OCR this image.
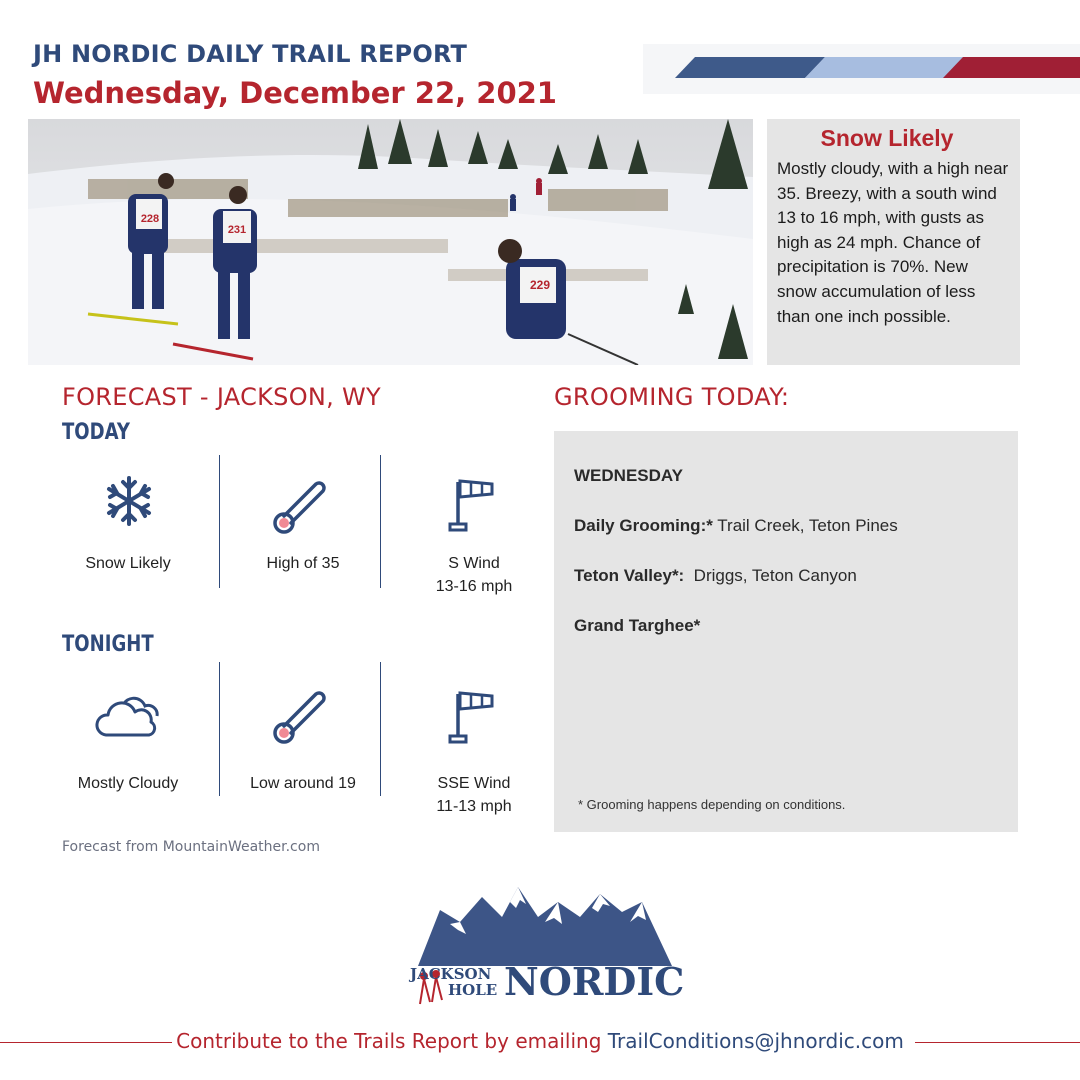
JH NORDIC DAILY TRAIL REPORT
Wednesday, December 22, 2021
228
231
229
Snow Likely
Mostly cloudy, with a high near 35. Breezy, with a south wind 13 to 16 mph, with gusts as high as 24 mph. Chance of precipitation is 70%. New snow accumulation of less than one inch possible.
FORECAST - JACKSON, WY
TODAY
Snow Likely	High of 35	S Wind
13-16 mph
TONIGHT
Mostly Cloudy	Low around 19	SSE Wind
11-13 mph
Forecast from MountainWeather.com
GROOMING TODAY:

WEDNESDAY

Daily Grooming:* Trail Creek, Teton Pines

Teton Valley*:  Driggs, Teton Canyon

Grand Targhee*

* Grooming happens depending on conditions.

JACKSON
HOLE NORDIC
Contribute to the Trails Report by emailing TrailConditions@jhnordic.com
